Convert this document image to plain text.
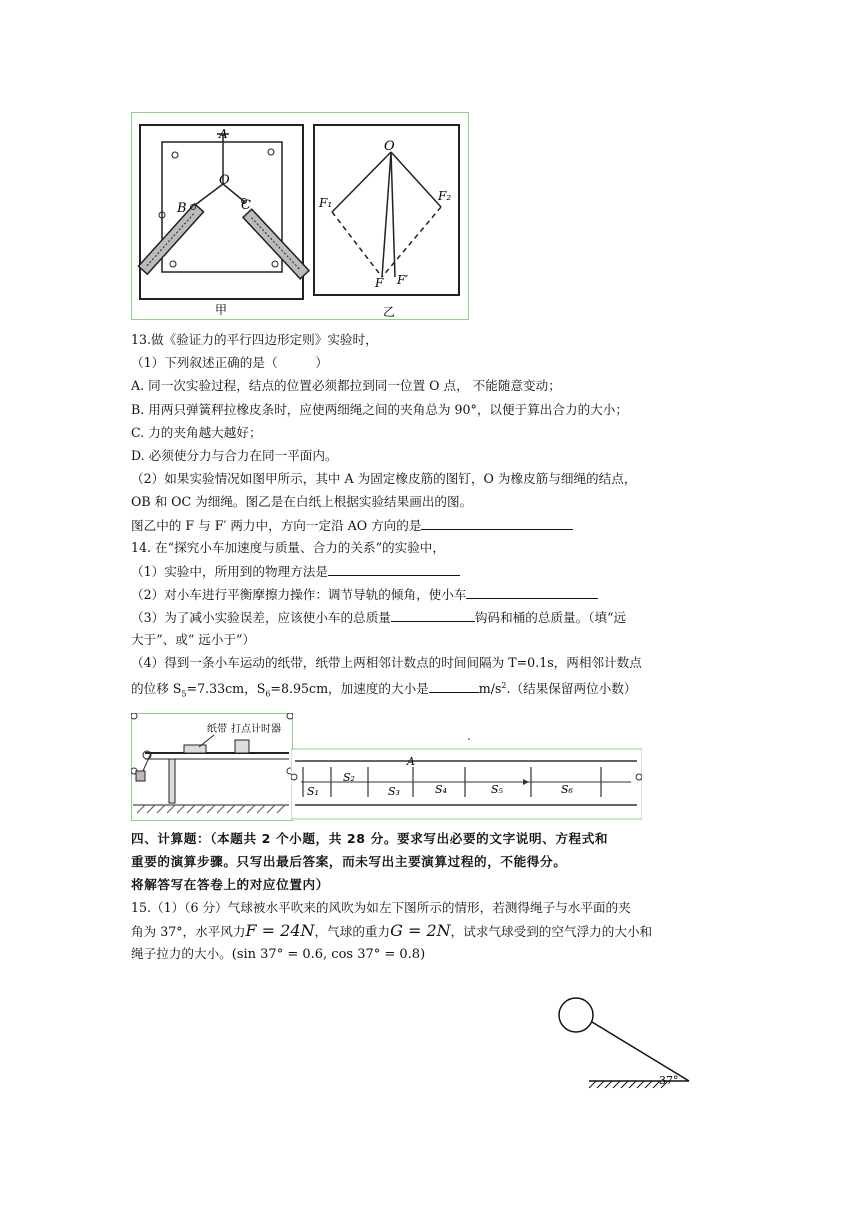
A
O
B	C
甲
O
F₁	F₂
F F′
乙
13.做《验证力的平行四边形定则》实验时，
（1）下列叙述正确的是（　　　）
A. 同一次实验过程，结点的位置必须都拉到同一位置 O 点， 不能随意变动；
B. 用两只弹簧秤拉橡皮条时，应使两细绳之间的夹角总为 90°，以便于算出合力的大小；
C. 力的夹角越大越好；
D. 必须使分力与合力在同一平面内。
（2）如果实验情况如图甲所示，其中 A 为固定橡皮筋的图钉，O 为橡皮筋与细绳的结点，
OB 和 OC 为细绳。图乙是在白纸上根据实验结果画出的图。
图乙中的 F 与 F′ 两力中，方向一定沿 AO 方向的是
14. 在“探究小车加速度与质量、合力的关系”的实验中，
（1）实验中，所用到的物理方法是
（2）对小车进行平衡摩擦力操作：调节导轨的倾角，使小车
（3）为了减小实验误差，应该使小车的总质量	钩码和桶的总质量。（填“远
大于”、或“ 远小于”）
（4）得到一条小车运动的纸带，纸带上两相邻计数点的时间间隔为 T=0.1s，两相邻计数点
的位移 $S_5=7.33cm$，$S_6=8.95cm$，加速度的大小是	$m/s^2$.（结果保留两位小数）
纸带 打点计时器
A
S₁
S₂
S₃	S₄	S₅	S₆
四、计算题：（本题共 2 个小题，共 28 分。要求写出必要的文字说明、方程式和
重要的演算步骤。只写出最后答案，而未写出主要演算过程的，不能得分。
将解答写在答卷上的对应位置内）
15.（1）（6 分）气球被水平吹来的风吹为如左下图所示的情形，若测得绳子与水平面的夹
角为 37°，水平风力F = 24N，气球的重力G = 2N，试求气球受到的空气浮力的大小和
绳子拉力的大小。(sin 37° = 0.6, cos 37° = 0.8)
37°
